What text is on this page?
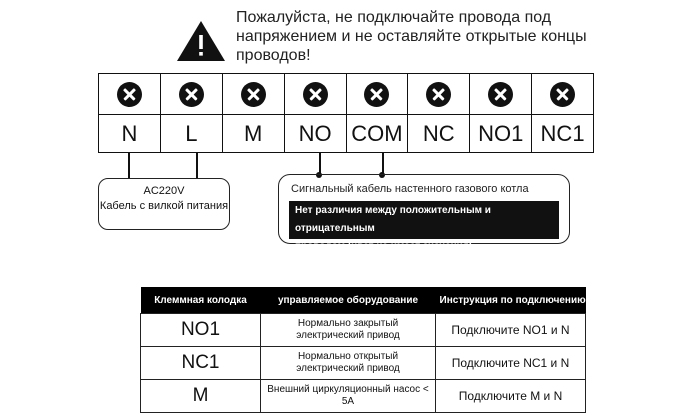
Пожалуйста, не подключайте провода под
напряжением и не оставляйте открытые концы
проводов!
N	L	M	NO COM NC	NO1 NC1
AC220V
Кабель с вилкой питания
Сигнальный кабель настенного газового котла
Нет различия между положительным и отрицательным
проводом (цвет не имеет значения)
Клеммная колодка	управляемое оборудование	Инструкция по подключению
NO1	Нормально закрытый электрический привод	Подключите NO1 и N
NC1	Нормально открытый электрический привод	Подключите NC1 и N
M	Внешний циркуляционный насос < 5A	Подключите M и N
